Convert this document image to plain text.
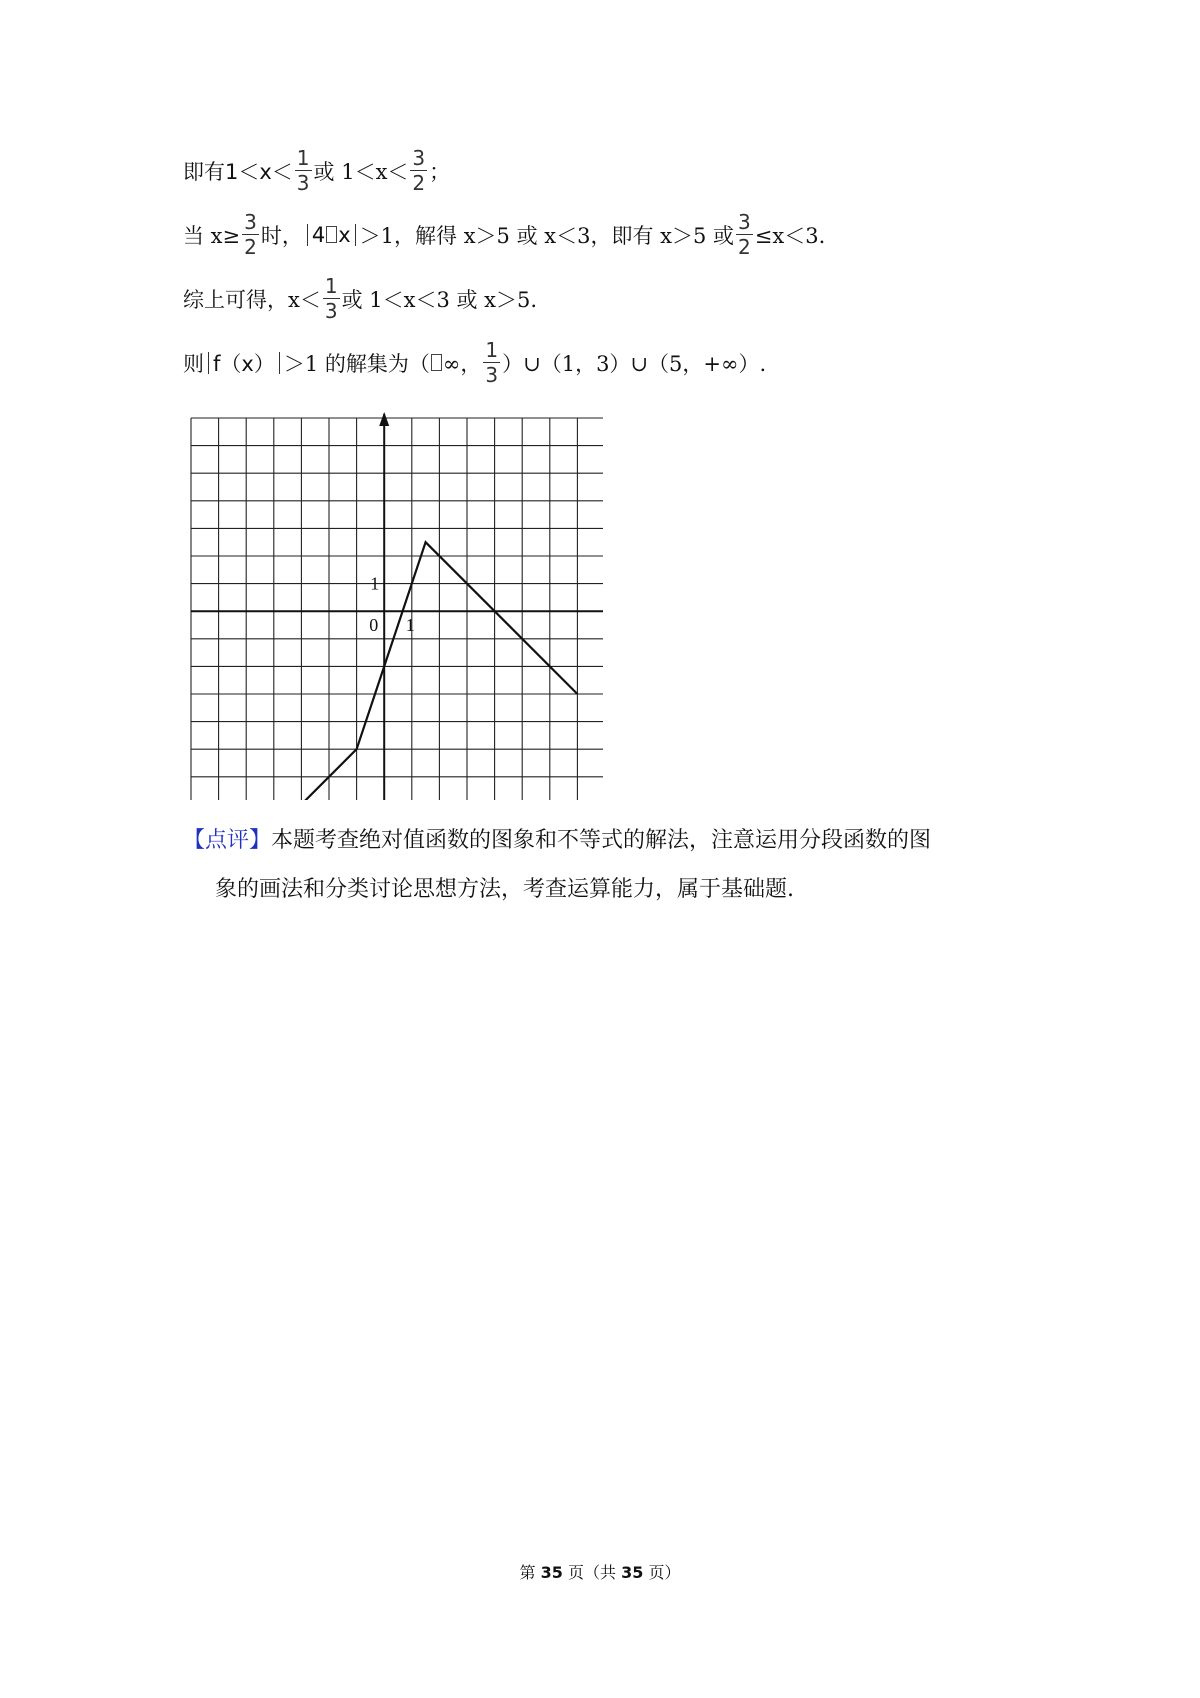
即有 $1<x< \frac{1}{3}$ 或 $1<x< \frac{3}{2}$ ；
当 $x\ge \frac{3}{2}$ 时， 4 x ＞1，解得 x＞5 或 x＜3，即有 x＞5 或 $\frac{3}{2} \le x<3$.
综上可得，$x< \frac{1}{3}$ 或 1＜x＜3 或 x＞5.
则 f（x） ＞1 的解集为（ ∞， $\frac{1}{3}$ ）∪（1，3）∪（5，+∞）.
1
0 1
【点评】本题考查绝对值函数的图象和不等式的解法，注意运用分段函数的图
象的画法和分类讨论思想方法，考查运算能力，属于基础题.
第 35 页（共 35 页）
